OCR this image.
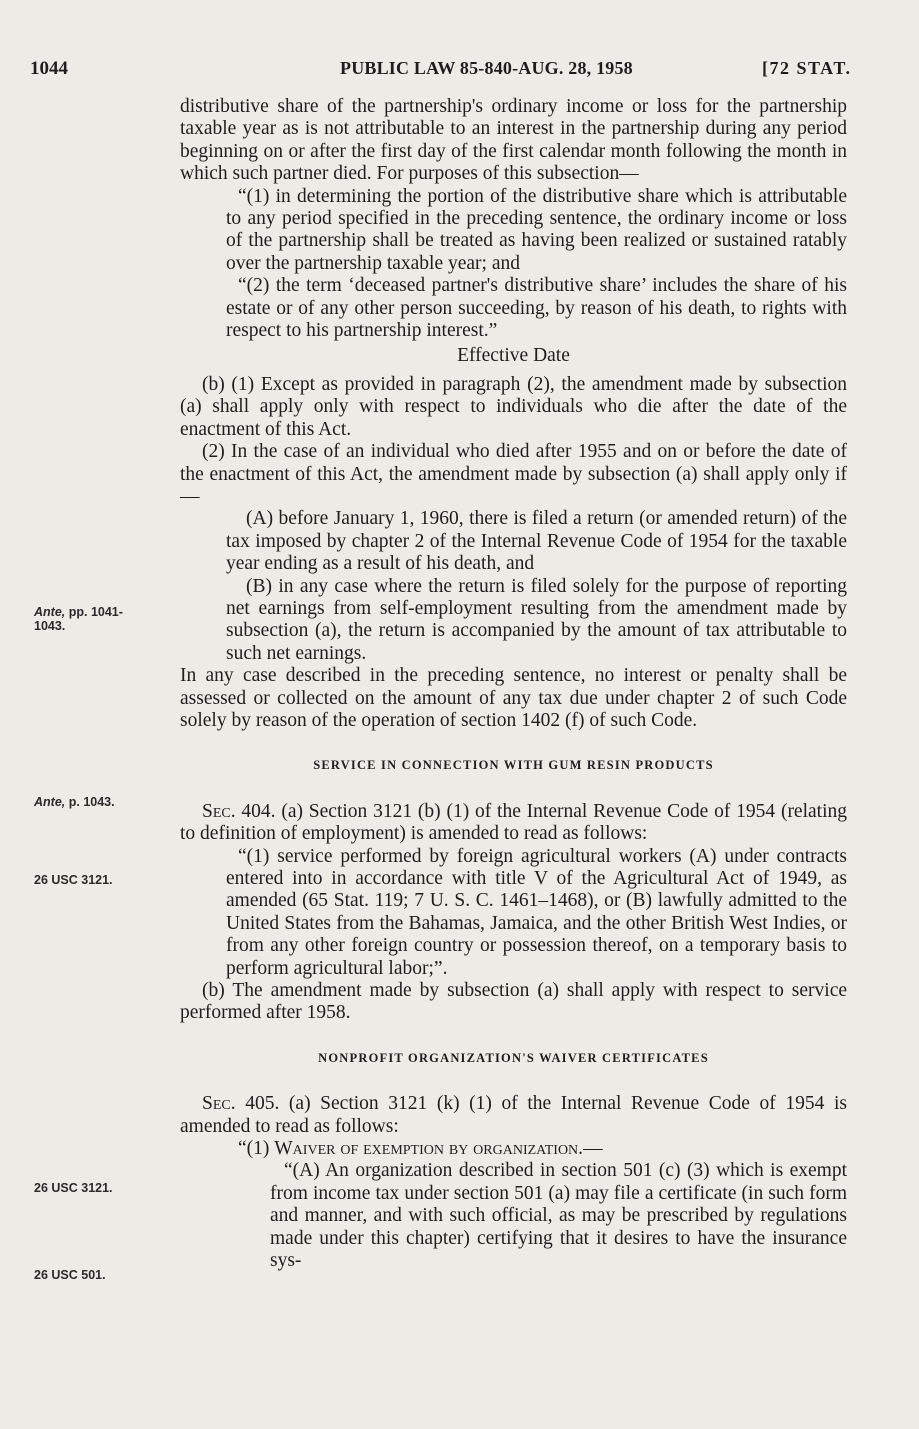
1044	PUBLIC LAW 85-840-AUG. 28, 1958	[72 STAT.
Ante, pp. 1041-
1043.
Ante, p. 1043.
26 USC 3121.
26 USC 3121.
26 USC 501.

distributive share of the partnership's ordinary income or loss for the partnership taxable year as is not attributable to an interest in the partnership during any period beginning on or after the first day of the first calendar month following the month in which such partner died. For purposes of this subsection—

“(1) in determining the portion of the distributive share which is attributable to any period specified in the preceding sentence, the ordinary income or loss of the partnership shall be treated as having been realized or sustained ratably over the partnership taxable year; and

“(2) the term ‘deceased partner's distributive share’ includes the share of his estate or of any other person succeeding, by reason of his death, to rights with respect to his partnership interest.”

Effective Date

(b) (1) Except as provided in paragraph (2), the amendment made by subsection (a) shall apply only with respect to individuals who die after the date of the enactment of this Act.

(2) In the case of an individual who died after 1955 and on or before the date of the enactment of this Act, the amendment made by subsection (a) shall apply only if—

(A) before January 1, 1960, there is filed a return (or amended return) of the tax imposed by chapter 2 of the Internal Revenue Code of 1954 for the taxable year ending as a result of his death, and

(B) in any case where the return is filed solely for the purpose of reporting net earnings from self-employment resulting from the amendment made by subsection (a), the return is accompanied by the amount of tax attributable to such net earnings.

In any case described in the preceding sentence, no interest or penalty shall be assessed or collected on the amount of any tax due under chapter 2 of such Code solely by reason of the operation of section 1402 (f) of such Code.

SERVICE IN CONNECTION WITH GUM RESIN PRODUCTS

Sec. 404. (a) Section 3121 (b) (1) of the Internal Revenue Code of 1954 (relating to definition of employment) is amended to read as follows:

“(1) service performed by foreign agricultural workers (A) under contracts entered into in accordance with title V of the Agricultural Act of 1949, as amended (65 Stat. 119; 7 U. S. C. 1461–1468), or (B) lawfully admitted to the United States from the Bahamas, Jamaica, and the other British West Indies, or from any other foreign country or possession thereof, on a temporary basis to perform agricultural labor;”.

(b) The amendment made by subsection (a) shall apply with respect to service performed after 1958.

NONPROFIT ORGANIZATION'S WAIVER CERTIFICATES

Sec. 405. (a) Section 3121 (k) (1) of the Internal Revenue Code of 1954 is amended to read as follows:

“(1) Waiver of exemption by organization.—

“(A) An organization described in section 501 (c) (3) which is exempt from income tax under section 501 (a) may file a certificate (in such form and manner, and with such official, as may be prescribed by regulations made under this chapter) certifying that it desires to have the insurance sys-
